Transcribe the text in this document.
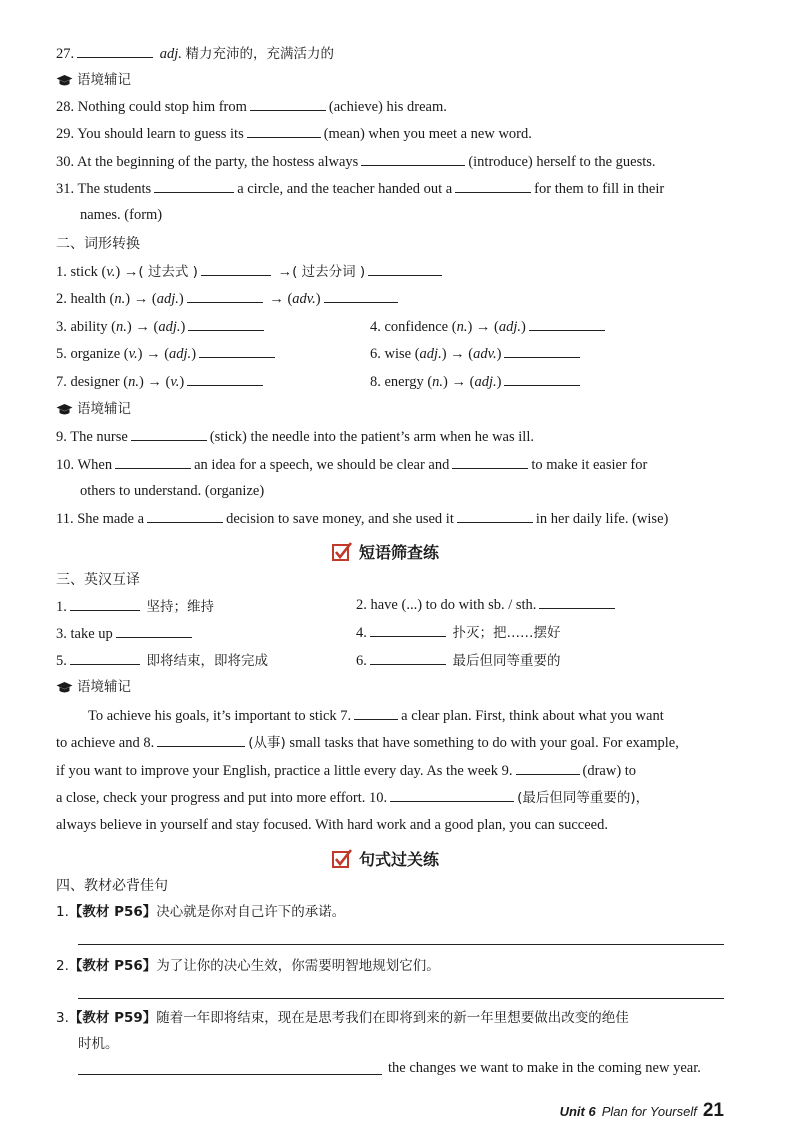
27.	adj. 精力充沛的，充满活力的
语境辅记
28. Nothing could stop him from	(achieve) his dream.
29. You should learn to guess its	(mean) when you meet a new word.
30. At the beginning of the party, the hostess always	(introduce) herself to the guests.
31. The students	a circle, and the teacher handed out a	for them to fill in their
names. (form)
二、词形转换
1. stick (v.) →( 过去式 )	→( 过去分词 )
2. health (n.) → (adj.)	→ (adv.)
3. ability (n.) → (adj.)	4. confidence (n.) → (adj.)
5. organize (v.) → (adj.)	6. wise (adj.) → (adv.)
7. designer (n.) → (v.)	8. energy (n.) → (adj.)
语境辅记
9. The nurse	(stick) the needle into the patient’s arm when he was ill.
10. When	an idea for a speech, we should be clear and	to make it easier for
others to understand. (organize)
11. She made a	decision to save money, and she used it	in her daily life. (wise)
短语筛查练
三、英汉互译
1.	坚持；维持	2. have (...) to do with sb. / sth.
3. take up	4.	扑灭；把……摆好
5.	即将结束，即将完成	6.	最后但同等重要的
语境辅记
To achieve his goals, it’s important to stick 7.	a clear plan. First, think about what you want
to achieve and 8.	(从事) small tasks that have something to do with your goal. For example,
if you want to improve your English, practice a little every day. As the week 9.	(draw) to
a close, check your progress and put into more effort. 10.	(最后但同等重要的)，
always believe in yourself and stay focused. With hard work and a good plan, you can succeed.
句式过关练
四、教材必背佳句
1.【教材 P56】决心就是你对自己许下的承诺。
2.【教材 P56】为了让你的决心生效，你需要明智地规划它们。
3.【教材 P59】随着一年即将结束，现在是思考我们在即将到来的新一年里想要做出改变的绝佳
时机。
the changes we want to make in the coming new year.
Unit 6 Plan for Yourself 21
